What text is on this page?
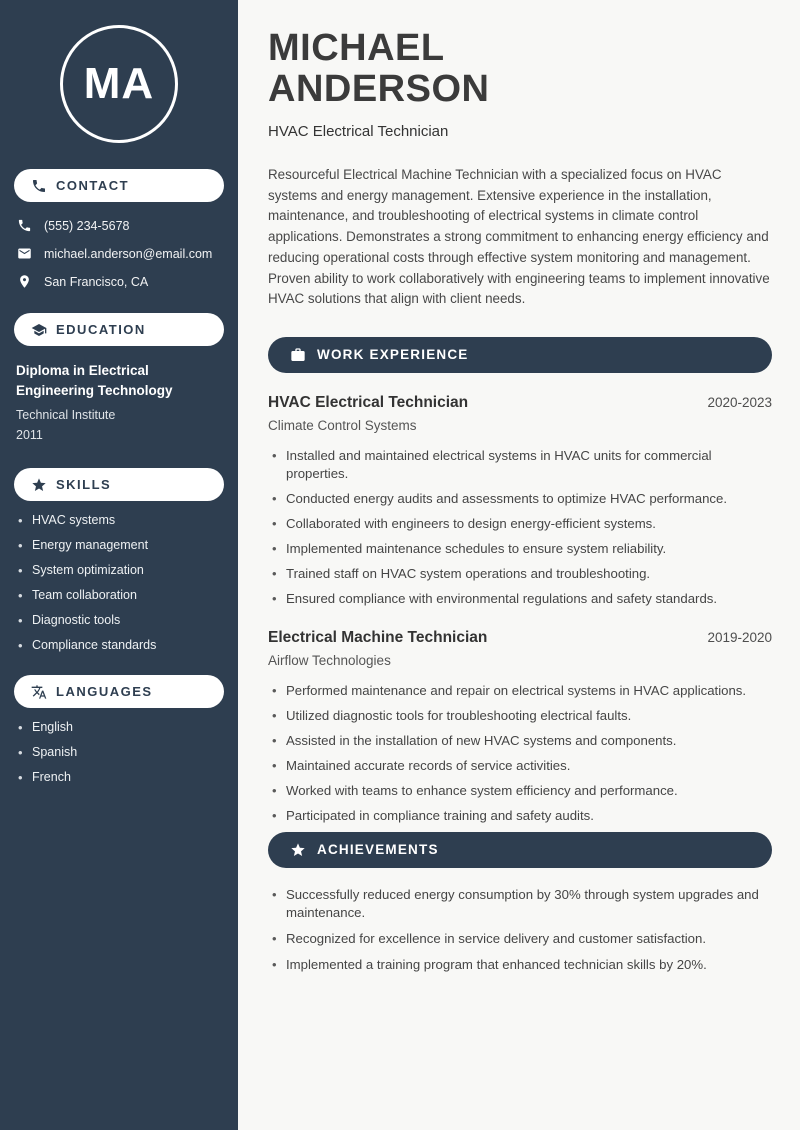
MA
CONTACT
(555) 234-5678
michael.anderson@email.com
San Francisco, CA
EDUCATION
Diploma in Electrical Engineering Technology
Technical Institute
2011
SKILLS
• HVAC systems
• Energy management
• System optimization
• Team collaboration
• Diagnostic tools
• Compliance standards
LANGUAGES
• English
• Spanish
• French
MICHAEL
ANDERSON
HVAC Electrical Technician

Resourceful Electrical Machine Technician with a specialized focus on HVAC systems and energy management. Extensive experience in the installation, maintenance, and troubleshooting of electrical systems in climate control applications. Demonstrates a strong commitment to enhancing energy efficiency and reducing operational costs through effective system monitoring and management. Proven ability to work collaboratively with engineering teams to implement innovative HVAC solutions that align with client needs.

WORK EXPERIENCE
HVAC Electrical Technician	2020-2023
Climate Control Systems
• Installed and maintained electrical systems in HVAC units for commercial properties.
• Conducted energy audits and assessments to optimize HVAC performance.
• Collaborated with engineers to design energy-efficient systems.
• Implemented maintenance schedules to ensure system reliability.
• Trained staff on HVAC system operations and troubleshooting.
• Ensured compliance with environmental regulations and safety standards.
Electrical Machine Technician	2019-2020
Airflow Technologies
• Performed maintenance and repair on electrical systems in HVAC applications.
• Utilized diagnostic tools for troubleshooting electrical faults.
• Assisted in the installation of new HVAC systems and components.
• Maintained accurate records of service activities.
• Worked with teams to enhance system efficiency and performance.
• Participated in compliance training and safety audits.
ACHIEVEMENTS
• Successfully reduced energy consumption by 30% through system upgrades and maintenance.
• Recognized for excellence in service delivery and customer satisfaction.
• Implemented a training program that enhanced technician skills by 20%.
